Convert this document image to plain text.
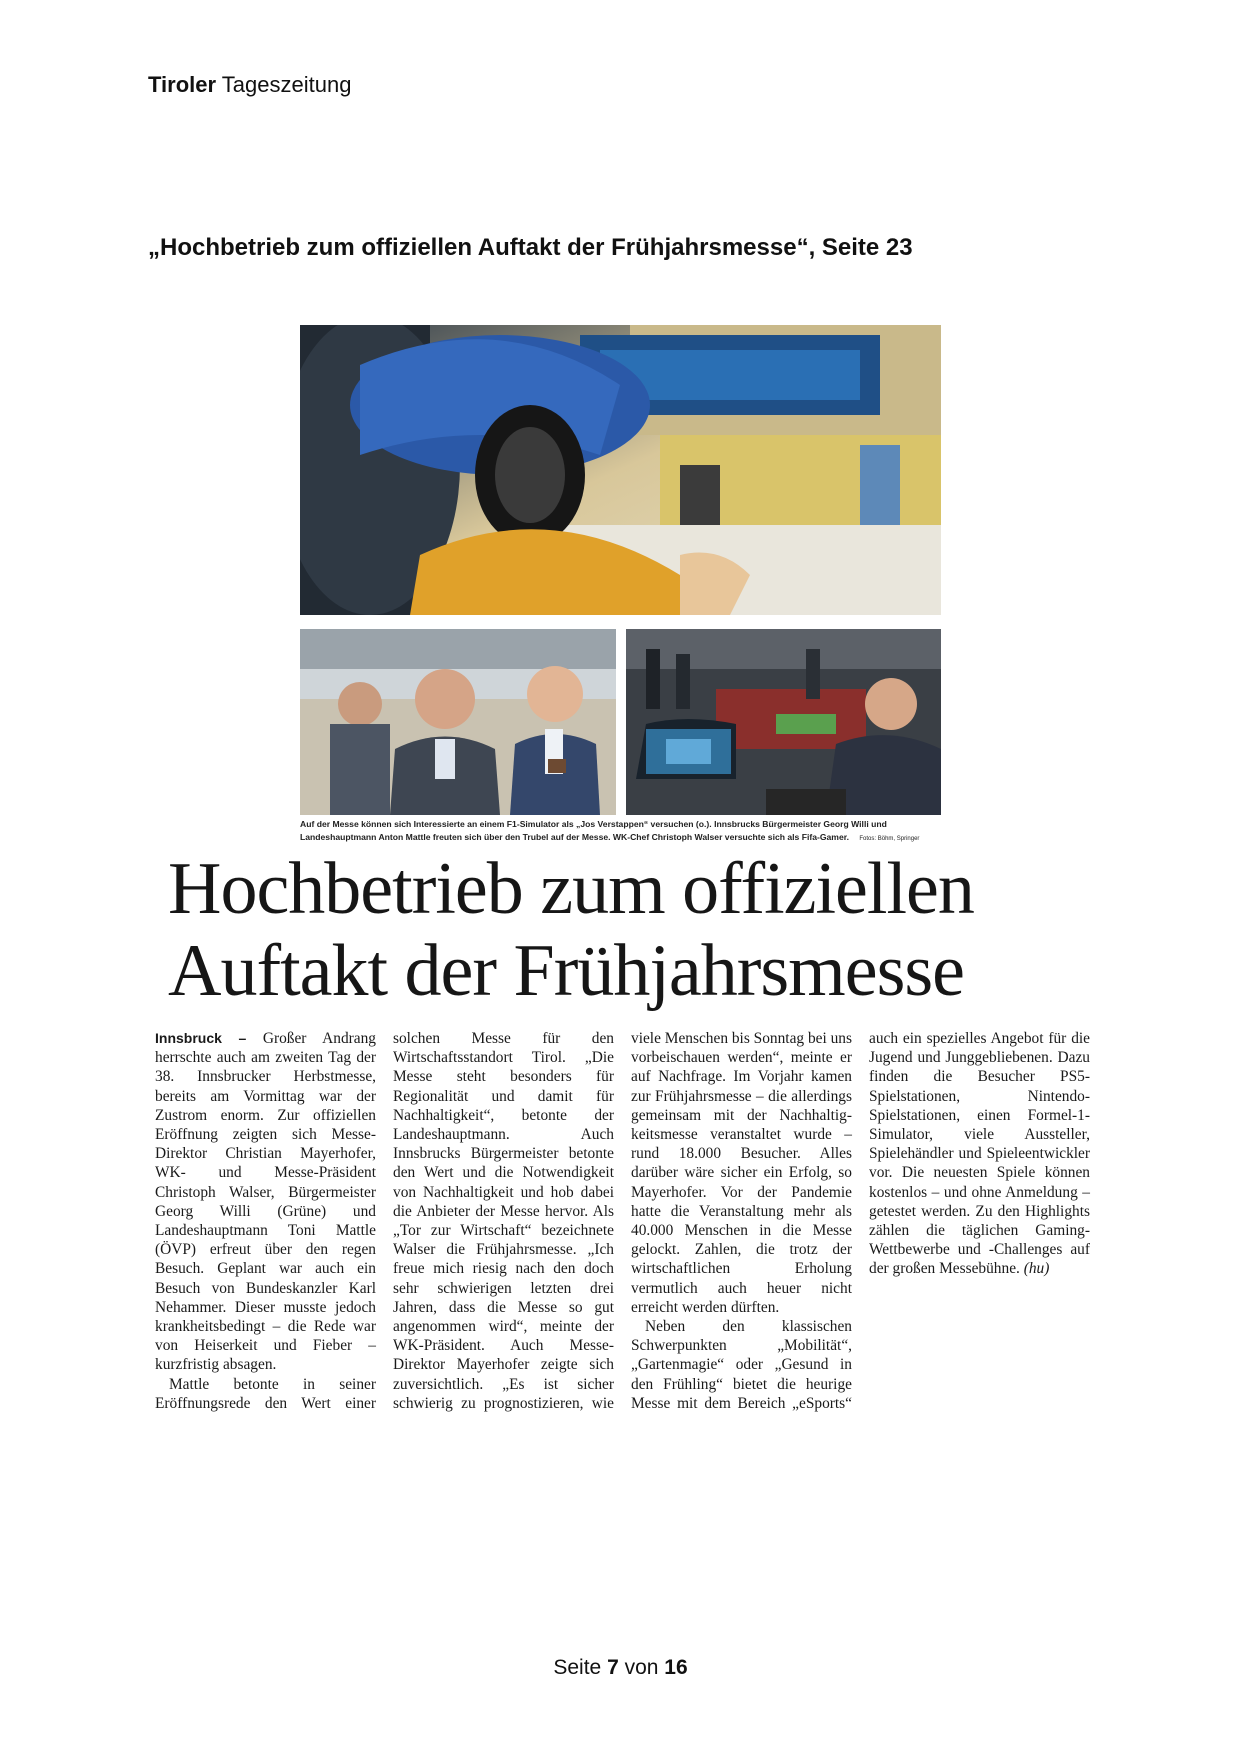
Tiroler Tageszeitung
„Hochbetrieb zum offiziellen Auftakt der Frühjahrsmesse“, Seite 23
Auf der Messe können sich Interessierte an einem F1-Simulator als „Jos Verstappen“ versuchen (o.). Innsbrucks Bürgermeister Georg Willi und Landeshauptmann Anton Mattle freuten sich über den Trubel auf der Messe. WK-Chef Christoph Walser versuchte sich als Fifa-Gamer. Fotos: Böhm, Springer
Hochbetrieb zum offiziellen
Auftakt der Frühjahrsmesse

Innsbruck – Großer Andrang herrschte auch am zweiten Tag der 38. Innsbrucker Herbstmesse, bereits am Vormittag war der Zustrom enorm. Zur offiziellen Eröffnung zeigten sich Messe-Direktor Christian Mayerhofer, WK- und Messe-Präsident Christoph Walser, Bürgermeister Georg Willi (Grüne) und Landeshauptmann Toni Mattle (ÖVP) erfreut über den regen Besuch. Geplant war auch ein Besuch von Bundeskanzler Karl Nehammer. Dieser musste jedoch krankheitsbedingt – die Rede war von Heiserkeit und Fieber – kurzfristig absagen.

Mattle betonte in seiner Eröffnungsrede den Wert einer solchen Messe für den Wirtschaftsstandort Tirol. „Die Messe steht besonders für Regionalität und damit für Nachhaltigkeit“, betonte der Landeshauptmann. Auch Innsbrucks Bürgermeister betonte den Wert und die Notwendigkeit von Nachhaltigkeit und hob dabei die Anbieter der Messe hervor. Als „Tor zur Wirtschaft“ bezeichnete Walser die Frühjahrsmesse. „Ich freue mich riesig nach den doch sehr schwierigen letzten drei Jahren, dass die Messe so gut angenommen wird“, meinte der WK-Präsident. Auch Messe-Direktor Mayerhofer zeigte sich zuversichtlich. „Es ist sicher schwierig zu prognostizieren, wie viele Menschen bis Sonntag bei uns vorbeischauen werden“, meinte er auf Nachfrage. Im Vorjahr kamen zur Frühjahrsmesse – die allerdings gemeinsam mit der Nachhaltigkeitsmesse veranstaltet wurde – rund 18.000 Besucher. Alles darüber wäre sicher ein Erfolg, so Mayerhofer. Vor der Pandemie hatte die Veranstaltung mehr als 40.000 Menschen in die Messe gelockt. Zahlen, die trotz der wirtschaftlichen Erholung vermutlich auch heuer nicht erreicht werden dürften.

Neben den klassischen Schwerpunkten „Mobilität“, „Gartenmagie“ oder „Gesund in den Frühling“ bietet die heurige Messe mit dem Bereich „eSports“ auch ein spezielles Angebot für die Jugend und Junggebliebenen. Dazu finden die Besucher PS5-Spielstationen, Nintendo-Spielstationen, einen Formel-1-Simulator, viele Aussteller, Spielehändler und Spieleentwickler vor. Die neuesten Spiele können kostenlos – und ohne Anmeldung – getestet werden. Zu den Highlights zählen die täglichen Gaming-Wettbewerbe und -Challenges auf der großen Messebühne. (hu)

Seite 7 von 16
